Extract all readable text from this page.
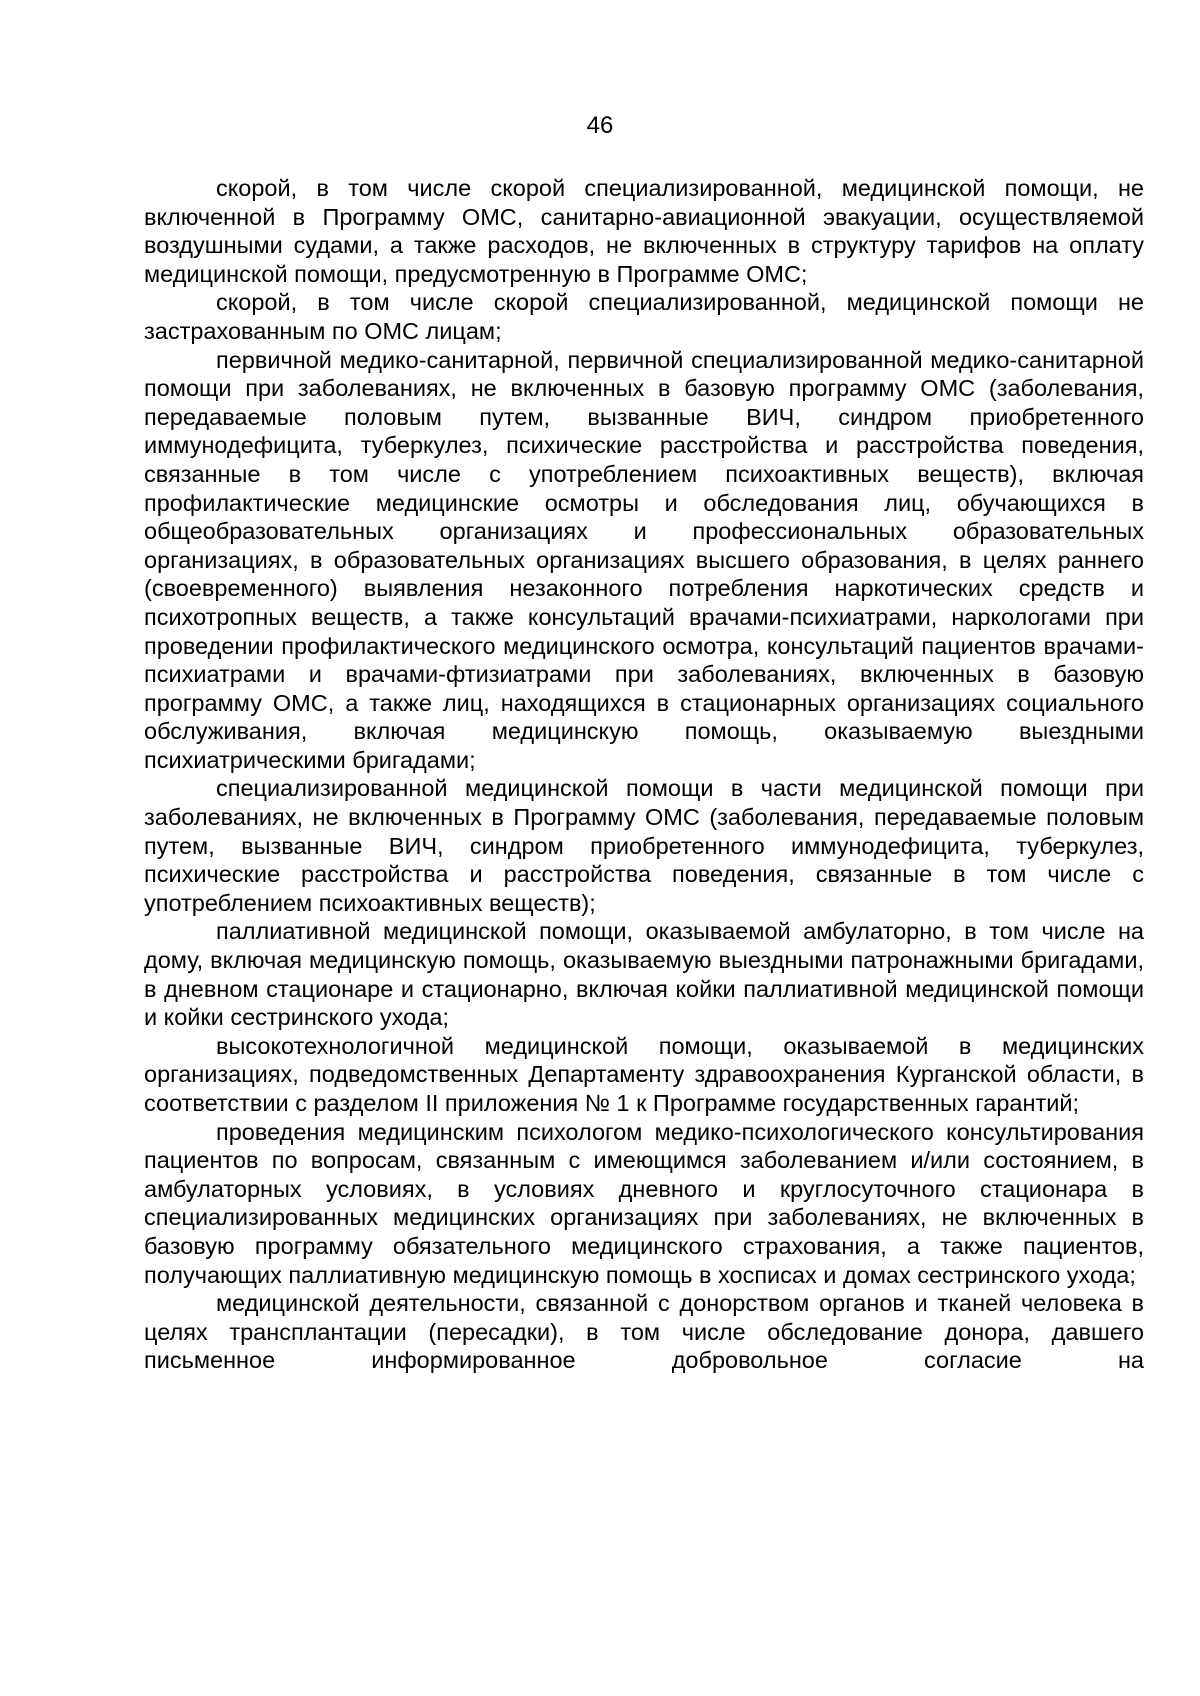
46

скорой, в том числе скорой специализированной, медицинской помощи, не включенной в Программу ОМС, санитарно-авиационной эвакуации, осуществляемой воздушными судами, а также расходов, не включенных в структуру тарифов на оплату медицинской помощи, предусмотренную в Программе ОМС;

скорой, в том числе скорой специализированной, медицинской помощи не застрахованным по ОМС лицам;

первичной медико-санитарной, первичной специализированной медико-санитарной помощи при заболеваниях, не включенных в базовую программу ОМС (заболевания, передаваемые половым путем, вызванные ВИЧ, синдром приобретенного иммунодефицита, туберкулез, психические расстройства и расстройства поведения, связанные в том числе с употреблением психоактивных веществ), включая профилактические медицинские осмотры и обследования лиц, обучающихся в общеобразовательных организациях и профессиональных образовательных организациях, в образовательных организациях высшего образования, в целях раннего (своевременного) выявления незаконного потребления наркотических средств и психотропных веществ, а также консультаций врачами-психиатрами, наркологами при проведении профилактического медицинского осмотра, консультаций пациентов врачами-психиатрами и врачами-фтизиатрами при заболеваниях, включенных в базовую программу ОМС, а также лиц, находящихся в стационарных организациях социального обслуживания, включая медицинскую помощь, оказываемую выездными психиатрическими бригадами;

специализированной медицинской помощи в части медицинской помощи при заболеваниях, не включенных в Программу ОМС (заболевания, передаваемые половым путем, вызванные ВИЧ, синдром приобретенного иммунодефицита, туберкулез, психические расстройства и расстройства поведения, связанные в том числе с употреблением психоактивных веществ);

паллиативной медицинской помощи, оказываемой амбулаторно, в том числе на дому, включая медицинскую помощь, оказываемую выездными патронажными бригадами, в дневном стационаре и стационарно, включая койки паллиативной медицинской помощи и койки сестринского ухода;

высокотехнологичной медицинской помощи, оказываемой в медицинских организациях, подведомственных Департаменту здравоохранения Курганской области, в соответствии с разделом II приложения № 1 к Программе государственных гарантий;

проведения медицинским психологом медико-психологического консультирования пациентов по вопросам, связанным с имеющимся заболеванием и/или состоянием, в амбулаторных условиях, в условиях дневного и круглосуточного стационара в специализированных медицинских организациях при заболеваниях, не включенных в базовую программу обязательного медицинского страхования, а также пациентов, получающих паллиативную медицинскую помощь в хосписах и домах сестринского ухода;

медицинской деятельности, связанной с донорством органов и тканей человека в целях трансплантации (пересадки), в том числе обследование донора, давшего письменное информированное добровольное согласие на
